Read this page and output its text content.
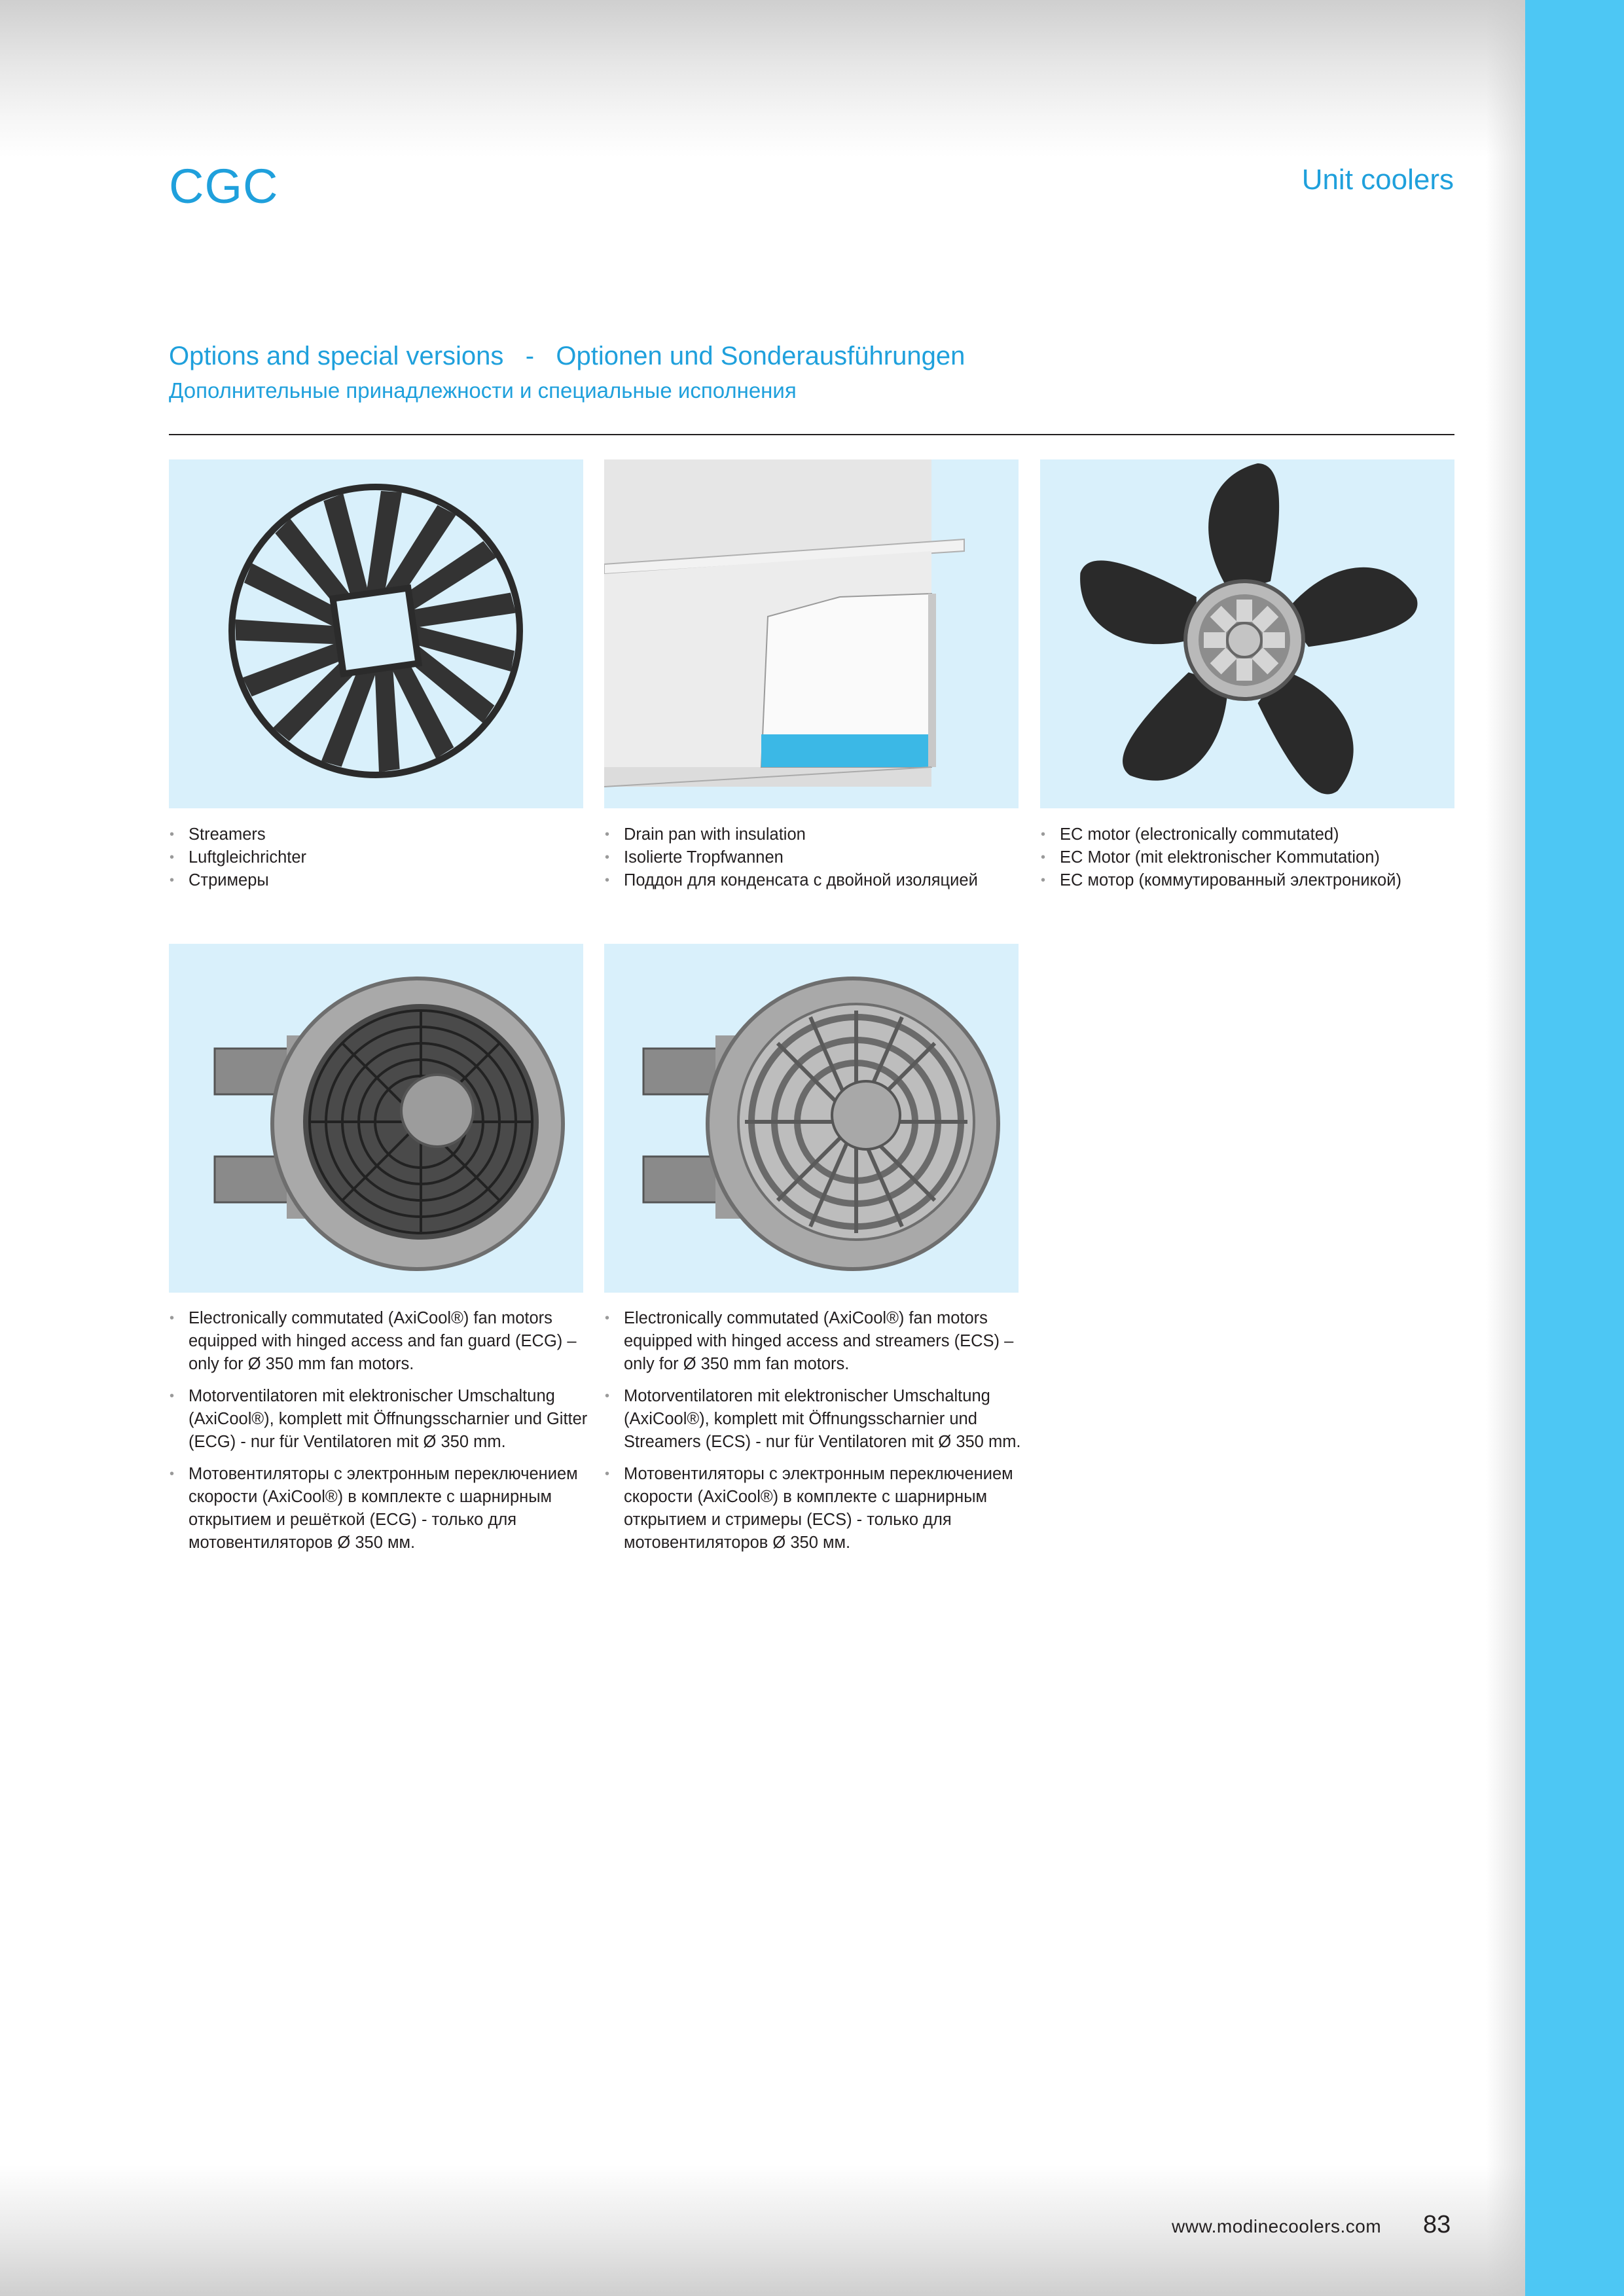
CGC	Unit coolers
Options and special versions   -   Optionen und Sonderausführungen
Дополнительные принадлежности и специальные исполнения
• Streamers
• Luftgleichrichter
• Стримеры
• Drain pan with insulation
• Isolierte Tropfwannen
• Поддон для конденсата с двойной изоляцией
• EC motor (electronically commutated)
• EC Motor (mit elektronischer Kommutation)
• ЕС мотор (коммутированный электроникой)
• Electronically commutated (AxiCool®) fan motors equipped with hinged access and fan guard (ECG) – only for Ø 350 mm fan motors.
• Motorventilatoren mit elektronischer Umschaltung (AxiCool®), komplett mit Öffnungsscharnier und Gitter (ECG) - nur für Ventilatoren mit Ø 350 mm.
• Мотовентиляторы с электронным переключением скорости (AxiCool®) в комплекте с шарнирным открытием и решёткой (ECG) - только для мотовентиляторов Ø 350 мм.
• Electronically commutated (AxiCool®) fan motors equipped with hinged access and streamers (ECS) – only for Ø 350 mm fan motors.
• Motorventilatoren mit elektronischer Umschaltung (AxiCool®), komplett mit Öffnungsscharnier und Streamers (ECS) - nur für Ventilatoren mit Ø 350 mm.
• Мотовентиляторы с электронным переключением скорости (AxiCool®) в комплекте с шарнирным открытием и стримеры (ECS) - только для мотовентиляторов Ø 350 мм.
www.modinecoolers.com 83
